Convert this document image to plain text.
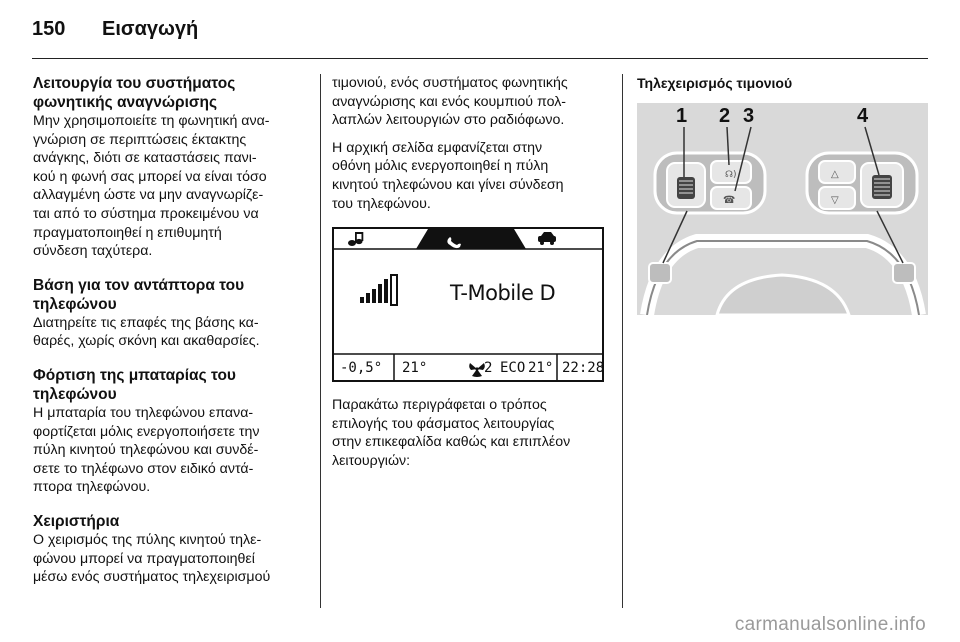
150	Εισαγωγή
Λειτουργία του συστήματος
φωνητικής αναγνώρισης

Μην χρησιμοποιείτε τη φωνητική ανα-
γνώριση σε περιπτώσεις έκτακτης
ανάγκης, διότι σε καταστάσεις πανι-
κού η φωνή σας μπορεί να είναι τόσο
αλλαγμένη ώστε να μην αναγνωρίζε-
ται από το σύστημα προκειμένου να
πραγματοποιηθεί η επιθυμητή
σύνδεση ταχύτερα.

Βάση για τον αντάπτορα του
τηλεφώνου

Διατηρείτε τις επαφές της βάσης κα-
θαρές, χωρίς σκόνη και ακαθαρσίες.

Φόρτιση της μπαταρίας του
τηλεφώνου

Η μπαταρία του τηλεφώνου επανα-
φορτίζεται μόλις ενεργοποιήσετε την
πύλη κινητού τηλεφώνου και συνδέ-
σετε το τηλέφωνο στον ειδικό αντά-
πτορα τηλεφώνου.

Χειριστήρια

Ο χειρισμός της πύλης κινητού τηλε-
φώνου μπορεί να πραγματοποιηθεί
μέσω ενός συστήματος τηλεχειρισμού

τιμονιού, ενός συστήματος φωνητικής
αναγνώρισης και ενός κουμπιού πολ-
λαπλών λειτουργιών στο ραδιόφωνο.

Η αρχική σελίδα εμφανίζεται στην
οθόνη μόλις ενεργοποιηθεί η πύλη
κινητού τηλεφώνου και γίνει σύνδεση
του τηλεφώνου.

T-Mobile D
-0,5° 21°	2 ECO 21° 22:28

Παρακάτω περιγράφεται ο τρόπος
επιλογής του φάσματος λειτουργίας
στην επικεφαλίδα καθώς και επιπλέον
λειτουργιών:

Τηλεχειρισμός τιμονιού
☊)
☎
△
▽
1 2 3	4
carmanualsonline.info
